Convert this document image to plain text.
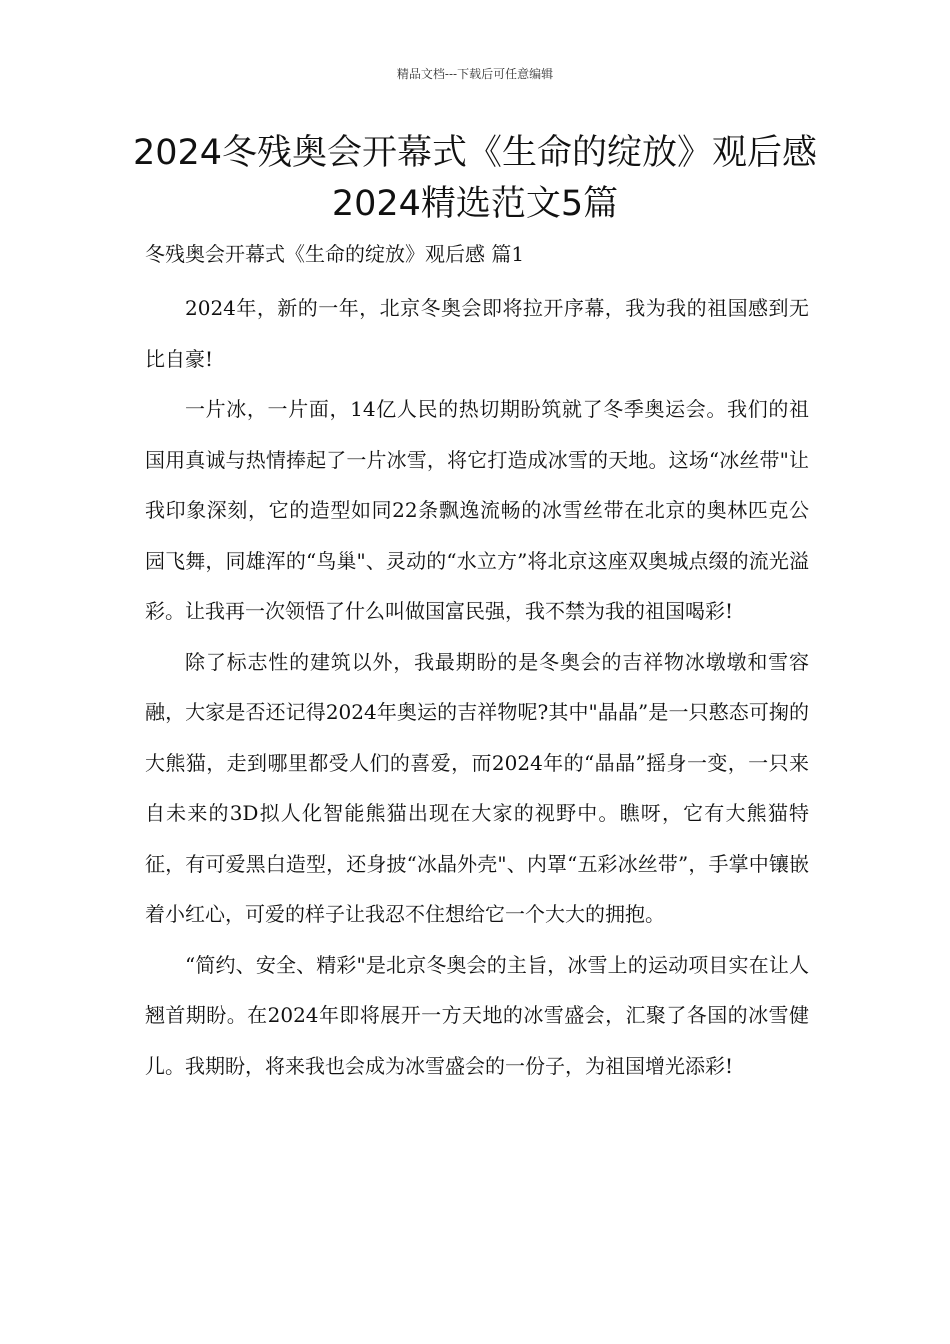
精品文档---下载后可任意编辑
2024冬残奥会开幕式《生命的绽放》观后感2024精选范文5篇
冬残奥会开幕式《生命的绽放》观后感 篇1

2024年，新的一年，北京冬奥会即将拉开序幕，我为我的祖国感到无比自豪!

一片冰，一片面，14亿人民的热切期盼筑就了冬季奥运会。我们的祖国用真诚与热情捧起了一片冰雪，将它打造成冰雪的天地。这场“冰丝带"让我印象深刻，它的造型如同22条飘逸流畅的冰雪丝带在北京的奥林匹克公园飞舞，同雄浑的“鸟巢"、灵动的“水立方”将北京这座双奥城点缀的流光溢彩。让我再一次领悟了什么叫做国富民强，我不禁为我的祖国喝彩!

除了标志性的建筑以外，我最期盼的是冬奥会的吉祥物冰墩墩和雪容融，大家是否还记得2024年奥运的吉祥物呢?其中"晶晶”是一只憨态可掬的大熊猫，走到哪里都受人们的喜爱，而2024年的“晶晶”摇身一变，一只来自未来的3D拟人化智能熊猫出现在大家的视野中。瞧呀，它有大熊猫特征，有可爱黑白造型，还身披“冰晶外壳"、内罩“五彩冰丝带”，手掌中镶嵌着小红心，可爱的样子让我忍不住想给它一个大大的拥抱。

“简约、安全、精彩"是北京冬奥会的主旨，冰雪上的运动项目实在让人翘首期盼。在2024年即将展开一方天地的冰雪盛会，汇聚了各国的冰雪健儿。我期盼，将来我也会成为冰雪盛会的一份子，为祖国增光添彩!
